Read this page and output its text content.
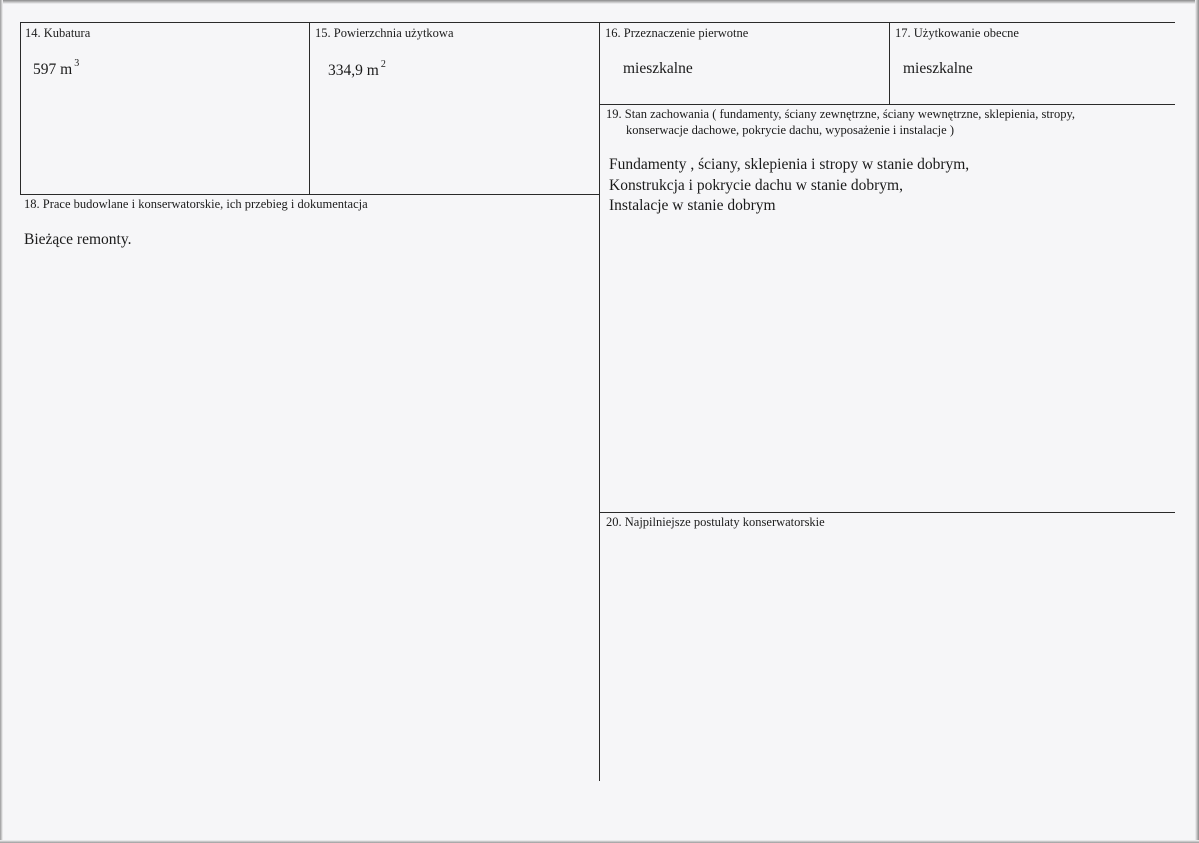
14. Kubatura
597 m $^3$
15. Powierzchnia użytkowa
334,9 m $^2$
16. Przeznaczenie pierwotne
mieszkalne
17. Użytkowanie obecne
mieszkalne
18. Prace budowlane i konserwatorskie, ich przebieg i dokumentacja
Bieżące remonty.
19. Stan zachowania ( fundamenty, ściany zewnętrzne, ściany wewnętrzne, sklepienia, stropy,
konserwacje dachowe, pokrycie dachu, wyposażenie i instalacje )
Fundamenty , ściany, sklepienia i stropy w stanie dobrym,
Konstrukcja i pokrycie dachu w stanie dobrym,
Instalacje w stanie dobrym
20. Najpilniejsze postulaty konserwatorskie
